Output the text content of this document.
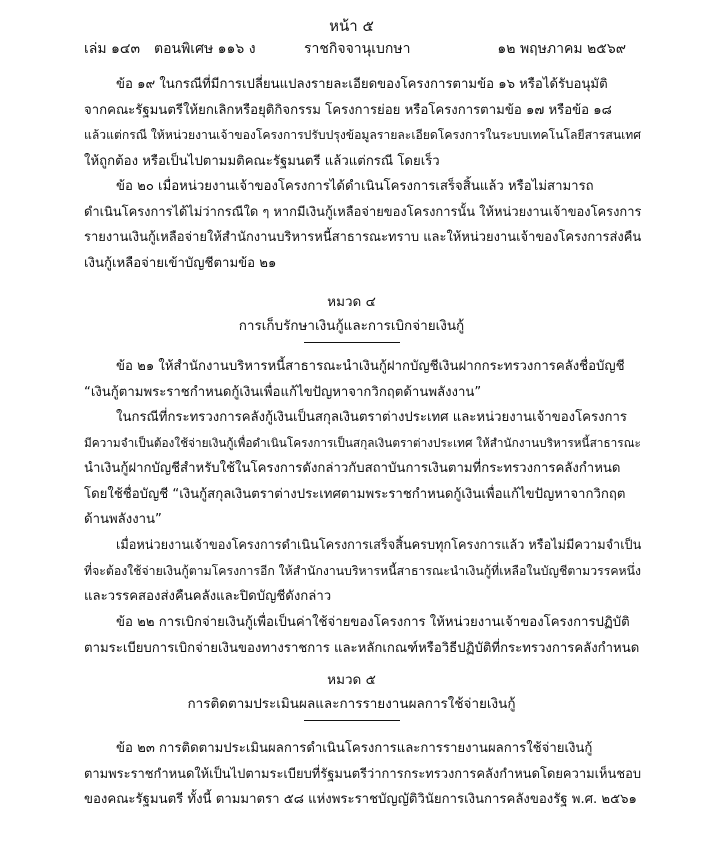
หน้า ๕
เล่ม ๑๔๓ ตอนพิเศษ ๑๑๖ ง	ราชกิจจานุเบกษา	๑๒ พฤษภาคม ๒๕๖๙

ข้อ ๑๙ ในกรณีที่มีการเปลี่ยนแปลงรายละเอียดของโครงการตามข้อ ๑๖ หรือได้รับอนุมัติ
จากคณะรัฐมนตรีให้ยกเลิกหรือยุติกิจกรรม โครงการย่อย หรือโครงการตามข้อ ๑๗ หรือข้อ ๑๘
แล้วแต่กรณี ให้หน่วยงานเจ้าของโครงการปรับปรุงข้อมูลรายละเอียดโครงการในระบบเทคโนโลยีสารสนเทศ
ให้ถูกต้อง หรือเป็นไปตามมติคณะรัฐมนตรี แล้วแต่กรณี โดยเร็ว

ข้อ ๒๐ เมื่อหน่วยงานเจ้าของโครงการได้ดำเนินโครงการเสร็จสิ้นแล้ว หรือไม่สามารถ
ดำเนินโครงการได้ไม่ว่ากรณีใด ๆ หากมีเงินกู้เหลือจ่ายของโครงการนั้น ให้หน่วยงานเจ้าของโครงการ
รายงานเงินกู้เหลือจ่ายให้สำนักงานบริหารหนี้สาธารณะทราบ และให้หน่วยงานเจ้าของโครงการส่งคืน
เงินกู้เหลือจ่ายเข้าบัญชีตามข้อ ๒๑

หมวด ๔
การเก็บรักษาเงินกู้และการเบิกจ่ายเงินกู้

ข้อ ๒๑ ให้สำนักงานบริหารหนี้สาธารณะนำเงินกู้ฝากบัญชีเงินฝากกระทรวงการคลังชื่อบัญชี
“เงินกู้ตามพระราชกำหนดกู้เงินเพื่อแก้ไขปัญหาจากวิกฤตด้านพลังงาน”

ในกรณีที่กระทรวงการคลังกู้เงินเป็นสกุลเงินตราต่างประเทศ และหน่วยงานเจ้าของโครงการ
มีความจำเป็นต้องใช้จ่ายเงินกู้เพื่อดำเนินโครงการเป็นสกุลเงินตราต่างประเทศ ให้สำนักงานบริหารหนี้สาธารณะ
นำเงินกู้ฝากบัญชีสำหรับใช้ในโครงการดังกล่าวกับสถาบันการเงินตามที่กระทรวงการคลังกำหนด
โดยใช้ชื่อบัญชี “เงินกู้สกุลเงินตราต่างประเทศตามพระราชกำหนดกู้เงินเพื่อแก้ไขปัญหาจากวิกฤต
ด้านพลังงาน”

เมื่อหน่วยงานเจ้าของโครงการดำเนินโครงการเสร็จสิ้นครบทุกโครงการแล้ว หรือไม่มีความจำเป็น
ที่จะต้องใช้จ่ายเงินกู้ตามโครงการอีก ให้สำนักงานบริหารหนี้สาธารณะนำเงินกู้ที่เหลือในบัญชีตามวรรคหนึ่ง
และวรรคสองส่งคืนคลังและปิดบัญชีดังกล่าว

ข้อ ๒๒ การเบิกจ่ายเงินกู้เพื่อเป็นค่าใช้จ่ายของโครงการ ให้หน่วยงานเจ้าของโครงการปฏิบัติ
ตามระเบียบการเบิกจ่ายเงินของทางราชการ และหลักเกณฑ์หรือวิธีปฏิบัติที่กระทรวงการคลังกำหนด

หมวด ๕
การติดตามประเมินผลและการรายงานผลการใช้จ่ายเงินกู้

ข้อ ๒๓ การติดตามประเมินผลการดำเนินโครงการและการรายงานผลการใช้จ่ายเงินกู้
ตามพระราชกำหนดให้เป็นไปตามระเบียบที่รัฐมนตรีว่าการกระทรวงการคลังกำหนดโดยความเห็นชอบ
ของคณะรัฐมนตรี ทั้งนี้ ตามมาตรา ๕๘ แห่งพระราชบัญญัติวินัยการเงินการคลังของรัฐ พ.ศ. ๒๕๖๑
